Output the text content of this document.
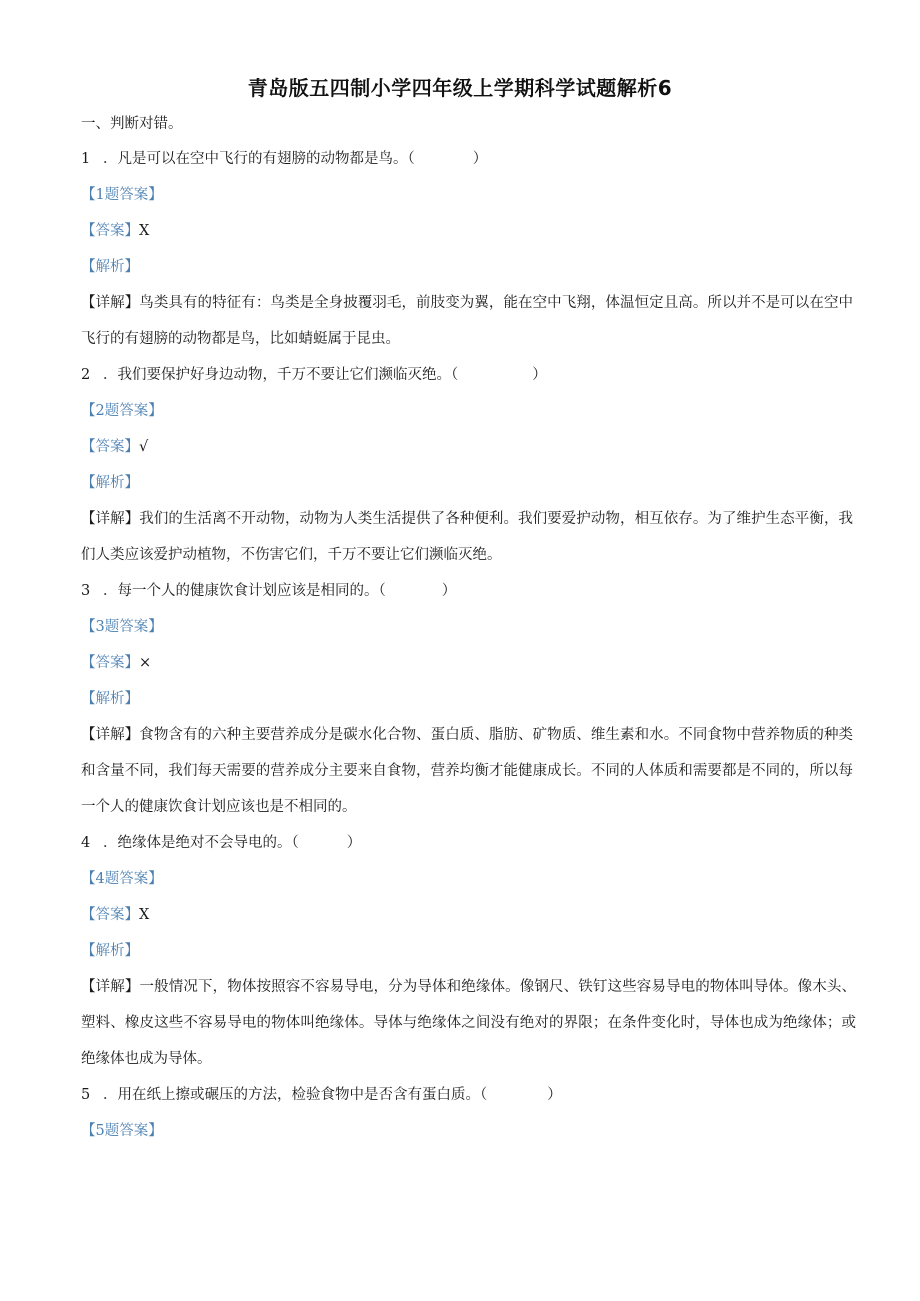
青岛版五四制小学四年级上学期科学试题解析6
一、判断对错。
1 ．凡是可以在空中飞行的有翅膀的动物都是鸟。（	）
【1题答案】
【答案】X
【解析】
【详解】鸟类具有的特征有：鸟类是全身披覆羽毛，前肢变为翼，能在空中飞翔，体温恒定且高。所以并不是可以在空中飞行的有翅膀的动物都是鸟，比如蜻蜓属于昆虫。
2 ．我们要保护好身边动物，千万不要让它们濒临灭绝。（	）
【2题答案】
【答案】√
【解析】
【详解】我们的生活离不开动物，动物为人类生活提供了各种便利。我们要爱护动物，相互依存。为了维护生态平衡，我们人类应该爱护动植物，不伤害它们，千万不要让它们濒临灭绝。
3 ．每一个人的健康饮食计划应该是相同的。（	）
【3题答案】
【答案】×
【解析】
【详解】食物含有的六种主要营养成分是碳水化合物、蛋白质、脂肪、矿物质、维生素和水。不同食物中营养物质的种类和含量不同，我们每天需要的营养成分主要来自食物，营养均衡才能健康成长。不同的人体质和需要都是不同的，所以每一个人的健康饮食计划应该也是不相同的。
4 ．绝缘体是绝对不会导电的。（	）
【4题答案】
【答案】X
【解析】
【详解】一般情况下，物体按照容不容易导电，分为导体和绝缘体。像钢尺、铁钉这些容易导电的物体叫导体。像木头、塑料、橡皮这些不容易导电的物体叫绝缘体。导体与绝缘体之间没有绝对的界限；在条件变化时，导体也成为绝缘体；或绝缘体也成为导体。
5 ．用在纸上擦或碾压的方法，检验食物中是否含有蛋白质。（	）
【5题答案】
